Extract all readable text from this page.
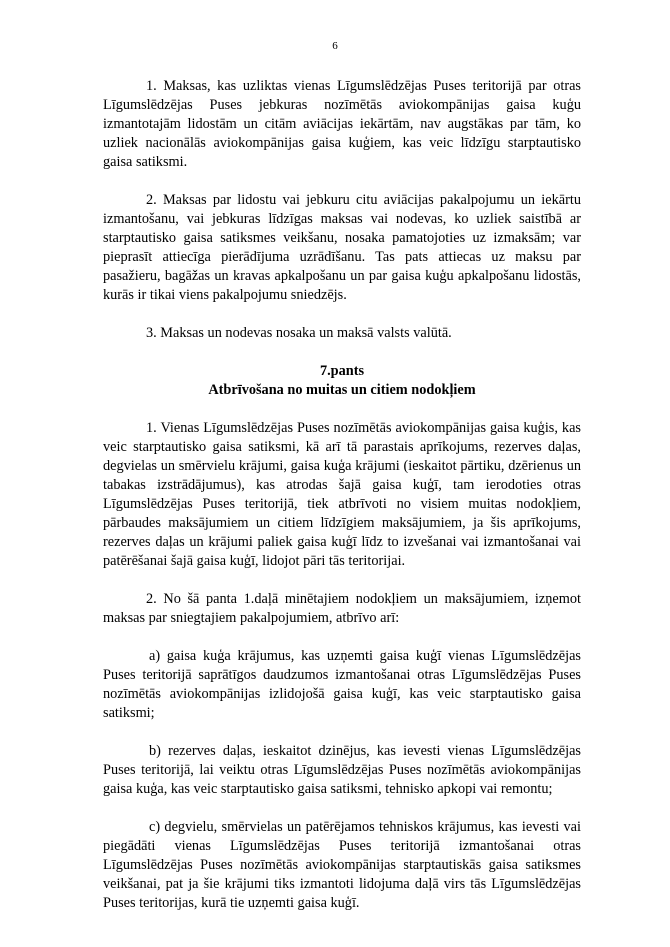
6

1. Maksas, kas uzliktas vienas Līgumslēdzējas Puses teritorijā par otras Līgumslēdzējas Puses jebkuras nozīmētās aviokompānijas gaisa kuģu izmantotajām lidostām un citām aviācijas iekārtām, nav augstākas par tām, ko uzliek nacionālās aviokompānijas gaisa kuģiem, kas veic līdzīgu starptautisko gaisa satiksmi.

2. Maksas par lidostu vai jebkuru citu aviācijas pakalpojumu un iekārtu izmantošanu, vai jebkuras līdzīgas maksas vai nodevas, ko uzliek saistībā ar starptautisko gaisa satiksmes veikšanu, nosaka pamatojoties uz izmaksām; var pieprasīt attiecīga pierādījuma uzrādīšanu. Tas pats attiecas uz maksu par pasažieru, bagāžas un kravas apkalpošanu un par gaisa kuģu apkalpošanu lidostās, kurās ir tikai viens pakalpojumu sniedzējs.

3. Maksas un nodevas nosaka un maksā valsts valūtā.

7.pants
Atbrīvošana no muitas un citiem nodokļiem

1. Vienas Līgumslēdzējas Puses nozīmētās aviokompānijas gaisa kuģis, kas veic starptautisko gaisa satiksmi, kā arī tā parastais aprīkojums, rezerves daļas, degvielas un smērvielu krājumi, gaisa kuģa krājumi (ieskaitot pārtiku, dzērienus un tabakas izstrādājumus), kas atrodas šajā gaisa kuģī, tam ierodoties otras Līgumslēdzējas Puses teritorijā, tiek atbrīvoti no visiem muitas nodokļiem, pārbaudes maksājumiem un citiem līdzīgiem maksājumiem, ja šis aprīkojums, rezerves daļas un krājumi paliek gaisa kuģī līdz to izvešanai vai izmantošanai vai patērēšanai šajā gaisa kuģī, lidojot pāri tās teritorijai.

2. No šā panta 1.daļā minētajiem nodokļiem un maksājumiem, izņemot maksas par sniegtajiem pakalpojumiem, atbrīvo arī:

a) gaisa kuģa krājumus, kas uzņemti gaisa kuģī vienas Līgumslēdzējas Puses teritorijā saprātīgos daudzumos izmantošanai otras Līgumslēdzējas Puses nozīmētās aviokompānijas izlidojošā gaisa kuģī, kas veic starptautisko gaisa satiksmi;

b) rezerves daļas, ieskaitot dzinējus, kas ievesti vienas Līgumslēdzējas Puses teritorijā, lai veiktu otras Līgumslēdzējas Puses nozīmētās aviokompānijas gaisa kuģa, kas veic starptautisko gaisa satiksmi, tehnisko apkopi vai remontu;

c) degvielu, smērvielas un patērējamos tehniskos krājumus, kas ievesti vai piegādāti vienas Līgumslēdzējas Puses teritorijā izmantošanai otras Līgumslēdzējas Puses nozīmētās aviokompānijas starptautiskās gaisa satiksmes veikšanai, pat ja šie krājumi tiks izmantoti lidojuma daļā virs tās Līgumslēdzējas Puses teritorijas, kurā tie uzņemti gaisa kuģī.
